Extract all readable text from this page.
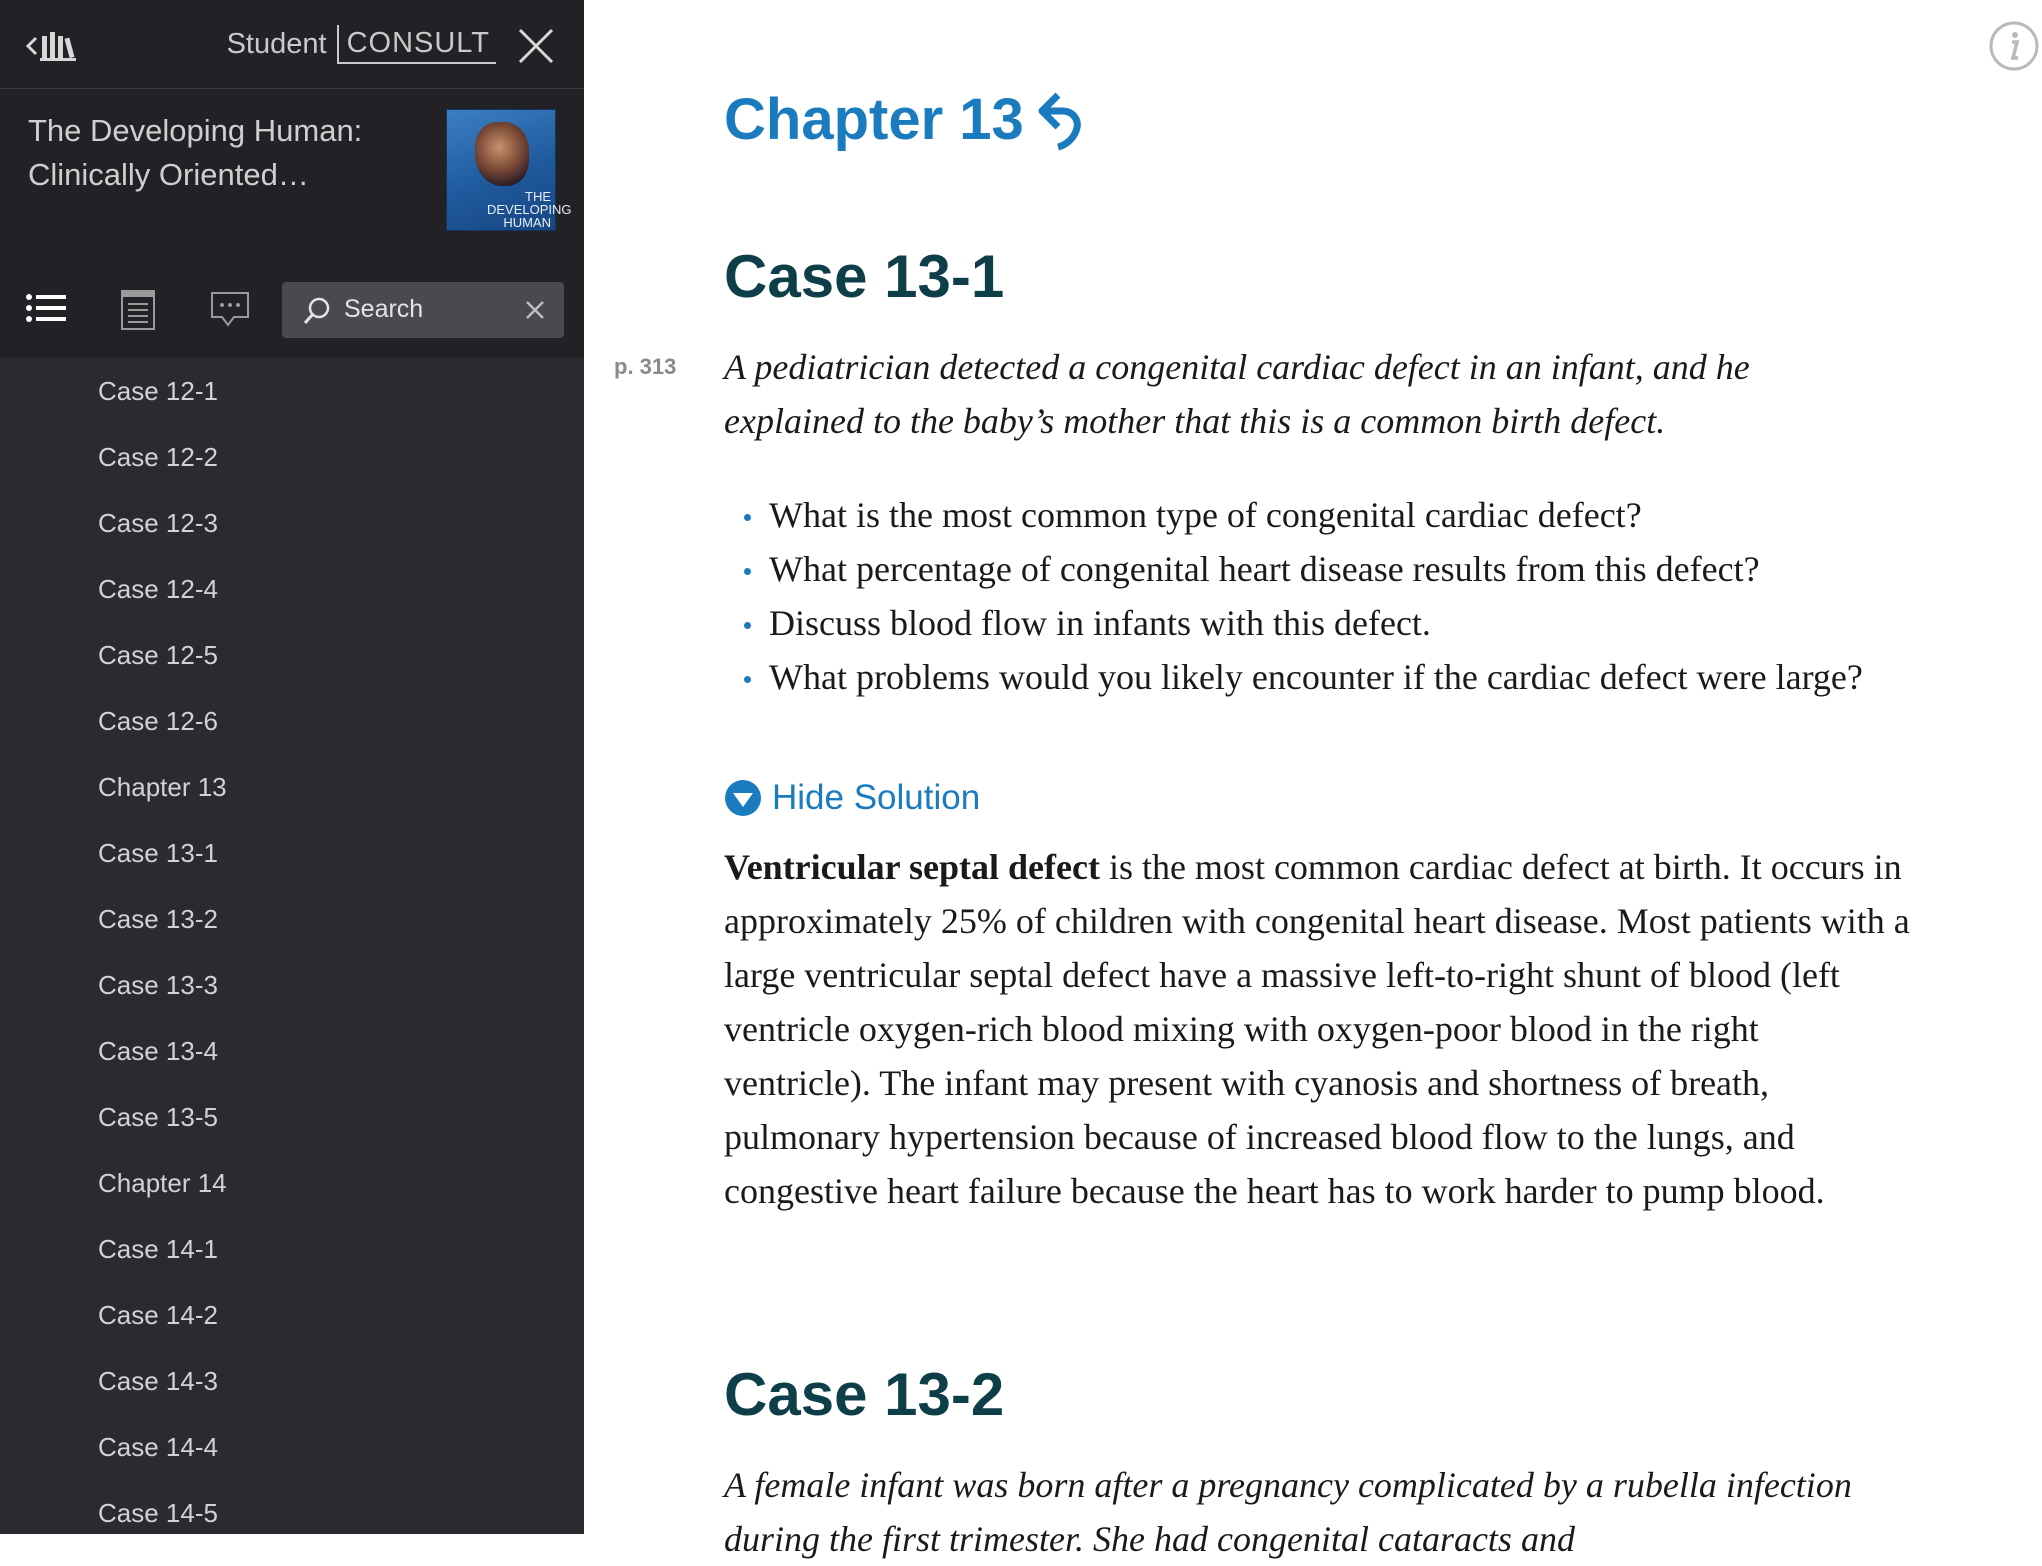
Student CONSULT
The Developing Human: Clinically Oriented…
THE DEVELOPING HUMAN
Search
Case 12-1
Case 12-2
Case 12-3
Case 12-4
Case 12-5
Case 12-6
Chapter 13
Case 13-1
Case 13-2
Case 13-3
Case 13-4
Case 13-5
Chapter 14
Case 14-1
Case 14-2
Case 14-3
Case 14-4
Case 14-5
Chapter 13
Case 13-1
p. 313 A pediatrician detected a congenital cardiac defect in an infant, and he explained to the baby’s mother that this is a common birth defect.
What is the most common type of congenital cardiac defect?
What percentage of congenital heart disease results from this defect?
Discuss blood flow in infants with this defect.
What problems would you likely encounter if the cardiac defect were large?
Hide Solution
Ventricular septal defect is the most common cardiac defect at birth. It occurs in approximately 25% of children with congenital heart disease. Most patients with a large ventricular septal defect have a massive left-to-right shunt of blood (left ventricle oxygen-rich blood mixing with oxygen-poor blood in the right ventricle). The infant may present with cyanosis and shortness of breath, pulmonary hypertension because of increased blood flow to the lungs, and congestive heart failure because the heart has to work harder to pump blood.
Case 13-2
A female infant was born after a pregnancy complicated by a rubella infection during the first trimester. She had congenital cataracts and
